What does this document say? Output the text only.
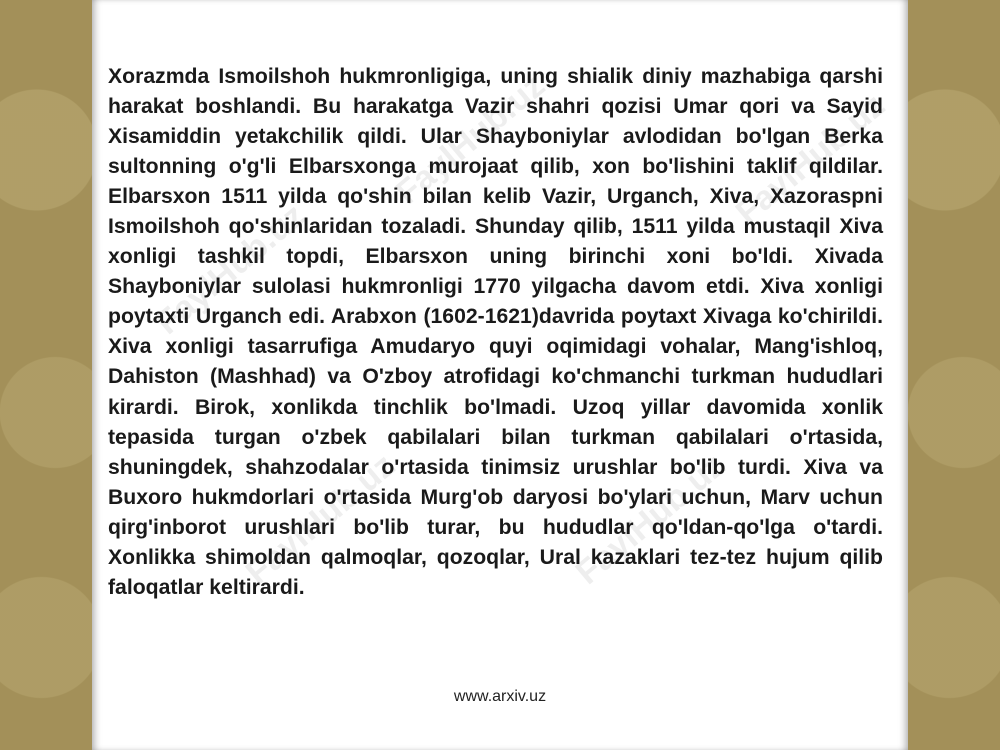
Xorazmda Ismoilshoh hukmronligiga, uning shialik diniy mazhabiga qarshi harakat boshlandi. Bu harakatga Vazir shahri qozisi Umar qori va Sayid Xisamiddin yetakchilik qildi. Ular Shayboniylar avlodidan bo'lgan Berka sultonning o'g'li Elbarsxonga murojaat qilib, xon bo'lishini taklif qildilar. Elbarsxon 1511 yilda qo'shin bilan kelib Vazir, Urganch, Xiva, Xazoraspni Ismoilshoh qo'shinlaridan tozaladi. Shunday qilib, 1511 yilda mustaqil Xiva xonligi tashkil topdi, Elbarsxon uning birinchi xoni bo'ldi. Xivada Shayboniylar sulolasi hukmronligi 1770 yilgacha davom etdi. Xiva xonligi poytaxti Urganch edi. Arabxon (1602-1621)davrida poytaxt Xivaga ko'chirildi. Xiva xonligi tasarrufiga Amudaryo quyi oqimidagi vohalar, Mang'ishloq, Dahiston (Mashhad) va O'zboy atrofidagi ko'chmanchi turkman hududlari kirardi. Birok, xonlikda tinchlik bo'lmadi. Uzoq yillar davomida xonlik tepasida turgan o'zbek qabilalari bilan turkman qabilalari o'rtasida, shuningdek, shahzodalar o'rtasida tinimsiz urushlar bo'lib turdi. Xiva va Buxoro hukmdorlari o'rtasida Murg'ob daryosi bo'ylari uchun, Marv uchun qirg'inborot urushlari bo'lib turar, bu hududlar qo'ldan-qo'lga o'tardi. Xonlikka shimoldan qalmoqlar, qozoqlar, Ural kazaklari tez-tez hujum qilib faloqatlar keltirardi.

www.arxiv.uz
